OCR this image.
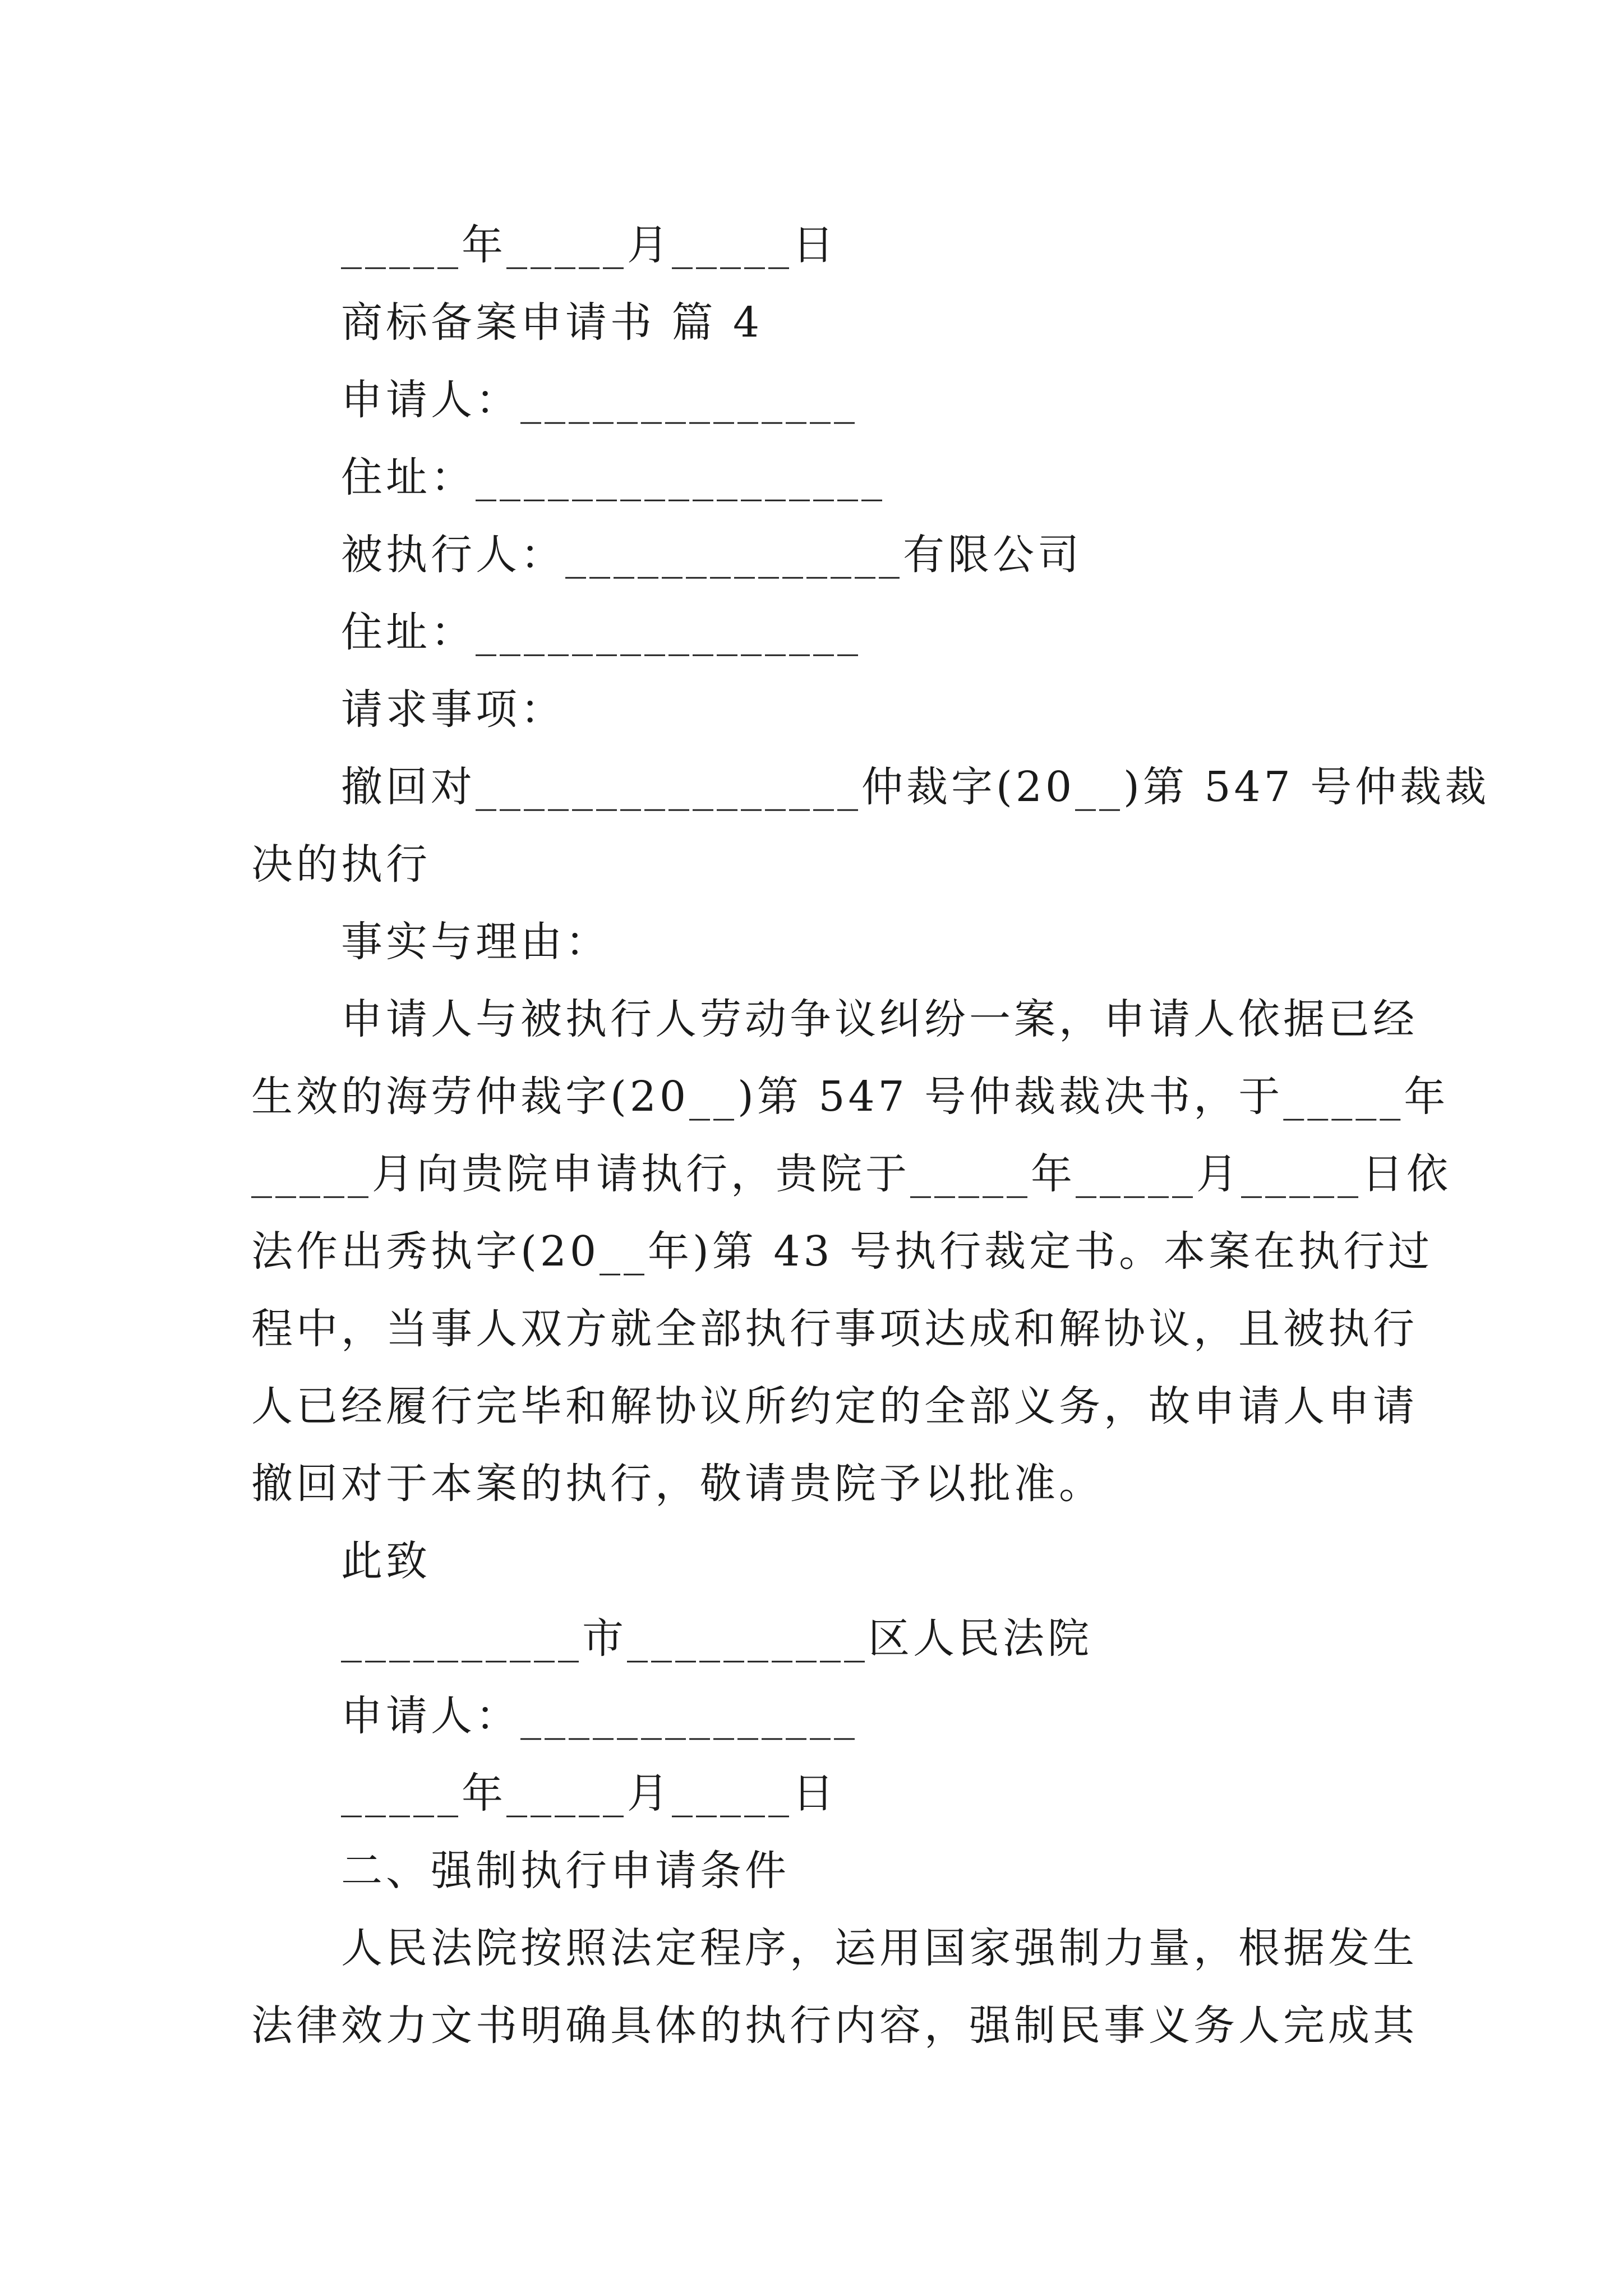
_____年_____月_____日
商标备案申请书 篇 4
申请人：______________
住址：_________________
被执行人：______________有限公司
住址：________________
请求事项：
撤回对________________仲裁字(20__)第 547 号仲裁裁
决的执行
事实与理由：
申请人与被执行人劳动争议纠纷一案，申请人依据已经
生效的海劳仲裁字(20__)第 547 号仲裁裁决书，于_____年
_____月向贵院申请执行，贵院于_____年_____月_____日依
法作出秀执字(20__年)第 43 号执行裁定书。本案在执行过
程中，当事人双方就全部执行事项达成和解协议，且被执行
人已经履行完毕和解协议所约定的全部义务，故申请人申请
撤回对于本案的执行，敬请贵院予以批准。
此致
__________市__________区人民法院
申请人：______________
_____年_____月_____日
二、强制执行申请条件
人民法院按照法定程序，运用国家强制力量，根据发生
法律效力文书明确具体的执行内容，强制民事义务人完成其
